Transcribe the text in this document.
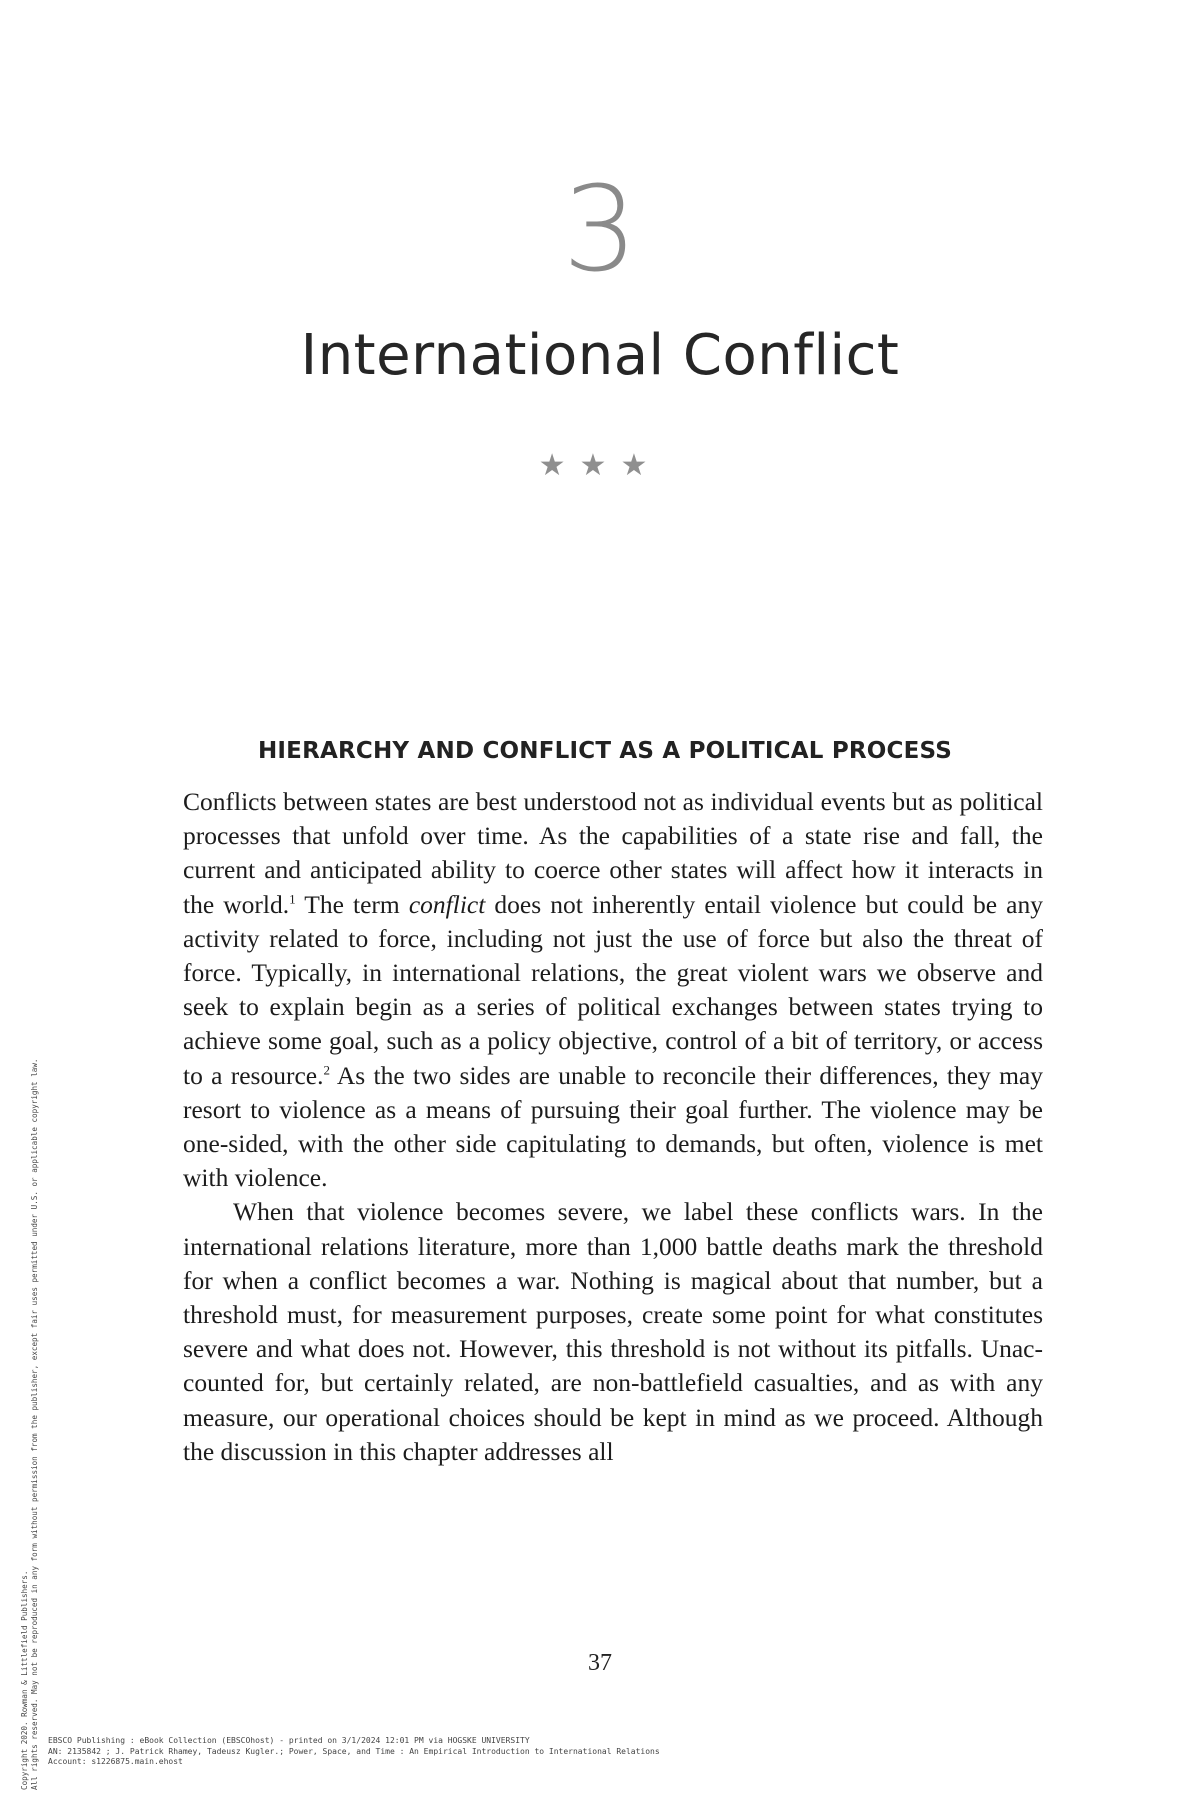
Copyright 2020. Rowman & Littlefield Publishers. All rights reserved. May not be reproduced in any form without permission from the publisher, except fair uses permitted under U.S. or applicable copyright law.
3
International Conflict
★★★
HIERARCHY AND CONFLICT AS A POLITICAL PROCESS

Conflicts between states are best understood not as individual events but as political processes that unfold over time. As the capabilities of a state rise and fall, the current and anticipated ability to coerce other states will affect how it interacts in the world.$^1$ The term conflict does not inherently entail violence but could be any activity related to force, including not just the use of force but also the threat of force. Typically, in international relations, the great violent wars we observe and seek to explain begin as a series of political exchanges between states trying to achieve some goal, such as a policy objective, control of a bit of territory, or access to a resource.$^2$ As the two sides are unable to reconcile their differences, they may resort to violence as a means of pursuing their goal further. The violence may be one-sided, with the other side capitulating to demands, but often, violence is met with violence.

When that violence becomes severe, we label these conflicts wars. In the international relations literature, more than 1,000 battle deaths mark the threshold for when a conflict becomes a war. Nothing is magical about that number, but a threshold must, for measurement purposes, create some point for what constitutes severe and what does not. However, this threshold is not without its pitfalls. Unaccounted for, but certainly related, are non-battlefield casualties, and as with any measure, our operational choices should be kept in mind as we proceed. Although the discussion in this chapter addresses all

37
EBSCO Publishing : eBook Collection (EBSCOhost) - printed on 3/1/2024 12:01 PM via HOGSKE UNIVERSITY
AN: 2135842 ; J. Patrick Rhamey, Tadeusz Kugler.; Power, Space, and Time : An Empirical Introduction to International Relations
Account: s1226875.main.ehost
